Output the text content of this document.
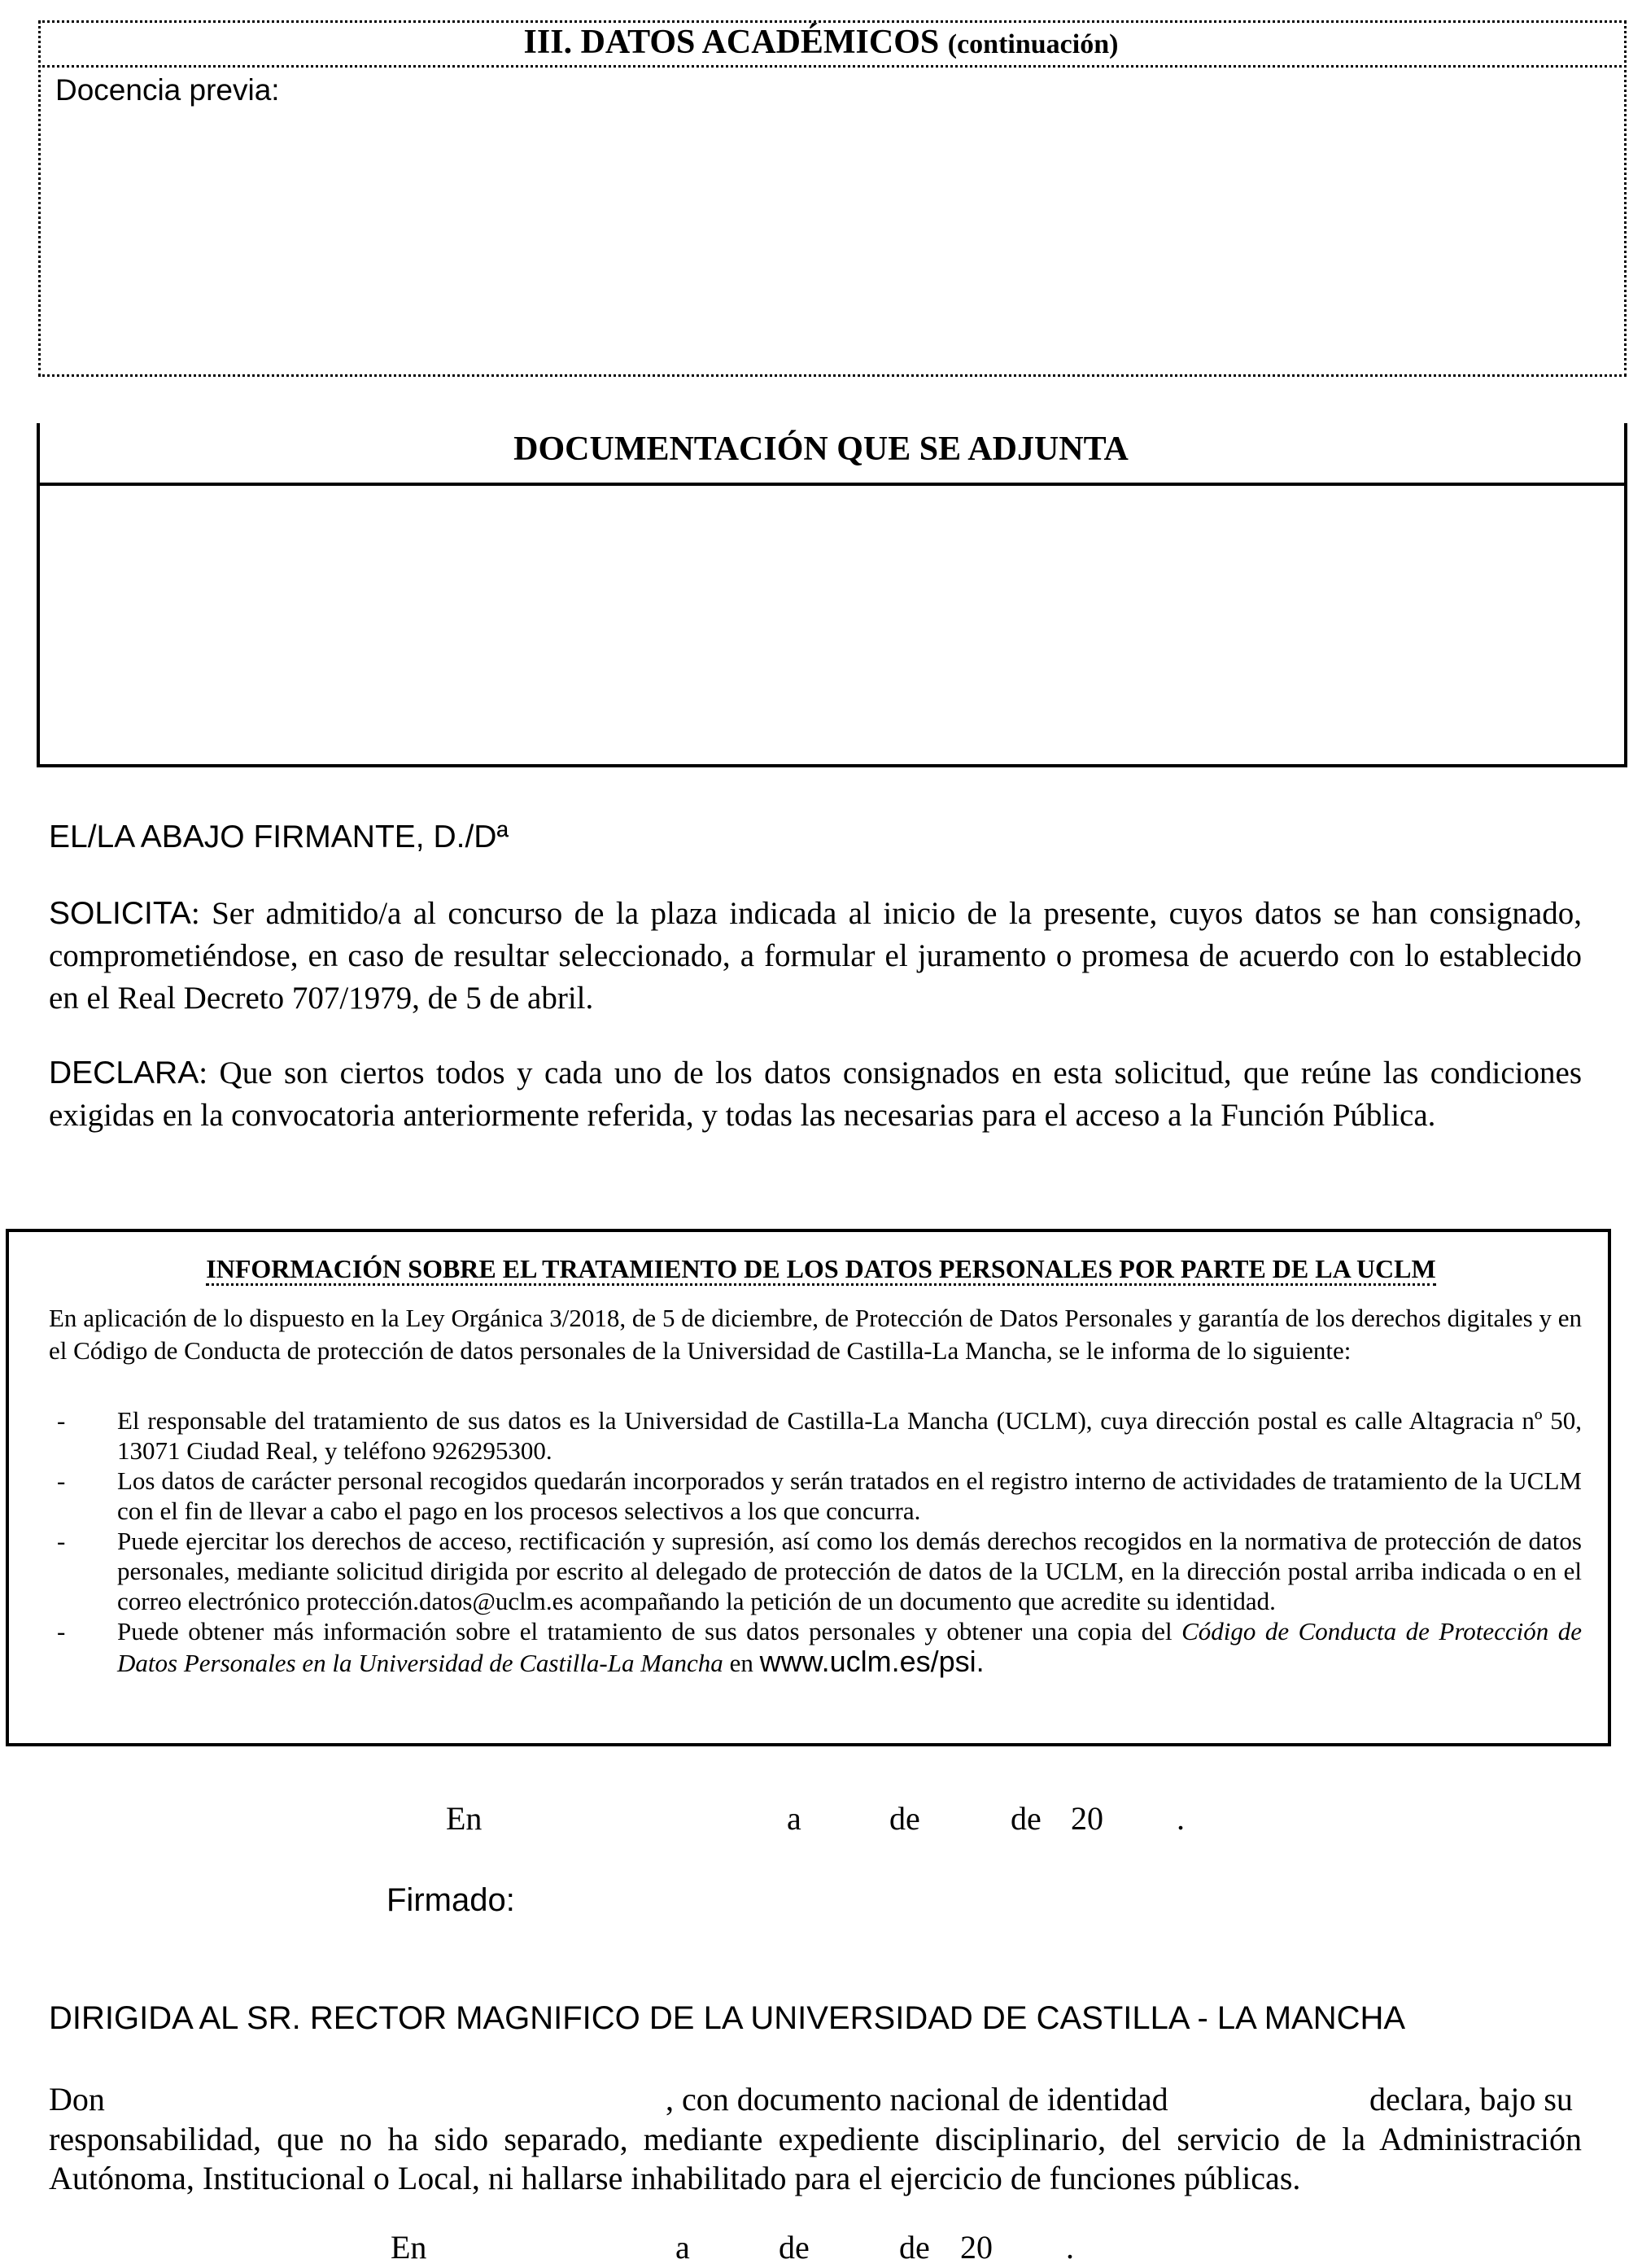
III. DATOS ACADÉMICOS (continuación)
Docencia previa:
DOCUMENTACIÓN QUE SE ADJUNTA
EL/LA ABAJO FIRMANTE, D./Dª
SOLICITA: Ser admitido/a al concurso de la plaza indicada al inicio de la presente, cuyos datos se han consignado, comprometiéndose, en caso de resultar seleccionado, a formular el juramento o promesa de acuerdo con lo establecido en el Real Decreto 707/1979, de 5 de abril.
DECLARA: Que son ciertos todos y cada uno de los datos consignados en esta solicitud, que reúne las condiciones exigidas en la convocatoria anteriormente referida, y todas las necesarias para el acceso a la Función Pública.
INFORMACIÓN SOBRE EL TRATAMIENTO DE LOS DATOS PERSONALES POR PARTE DE LA UCLM
En aplicación de lo dispuesto en la Ley Orgánica 3/2018, de 5 de diciembre, de Protección de Datos Personales y garantía de los derechos digitales y en el Código de Conducta de protección de datos personales de la Universidad de Castilla-La Mancha, se le informa de lo siguiente:
- El responsable del tratamiento de sus datos es la Universidad de Castilla-La Mancha (UCLM), cuya dirección postal es calle Altagracia nº 50, 13071 Ciudad Real, y teléfono 926295300.
- Los datos de carácter personal recogidos quedarán incorporados y serán tratados en el registro interno de actividades de tratamiento de la UCLM con el fin de llevar a cabo el pago en los procesos selectivos a los que concurra.
- Puede ejercitar los derechos de acceso, rectificación y supresión, así como los demás derechos recogidos en la normativa de protección de datos personales, mediante solicitud dirigida por escrito al delegado de protección de datos de la UCLM, en la dirección postal arriba indicada o en el correo electrónico protección.datos@uclm.es acompañando la petición de un documento que acredite su identidad.
- Puede obtener más información sobre el tratamiento de sus datos personales y obtener una copia del Código de Conducta de Protección de Datos Personales en la Universidad de Castilla-La Mancha en www.uclm.es/psi.
En	a	de	de 20 .
Firmado:
DIRIGIDA AL SR. RECTOR MAGNIFICO DE LA UNIVERSIDAD DE CASTILLA - LA MANCHA
Don	, con documento nacional de identidad	declara, bajo su
responsabilidad, que no ha sido separado, mediante expediente disciplinario, del servicio de la Administración Autónoma, Institucional o Local, ni hallarse inhabilitado para el ejercicio de funciones públicas.
En	a	de	de 20 .
